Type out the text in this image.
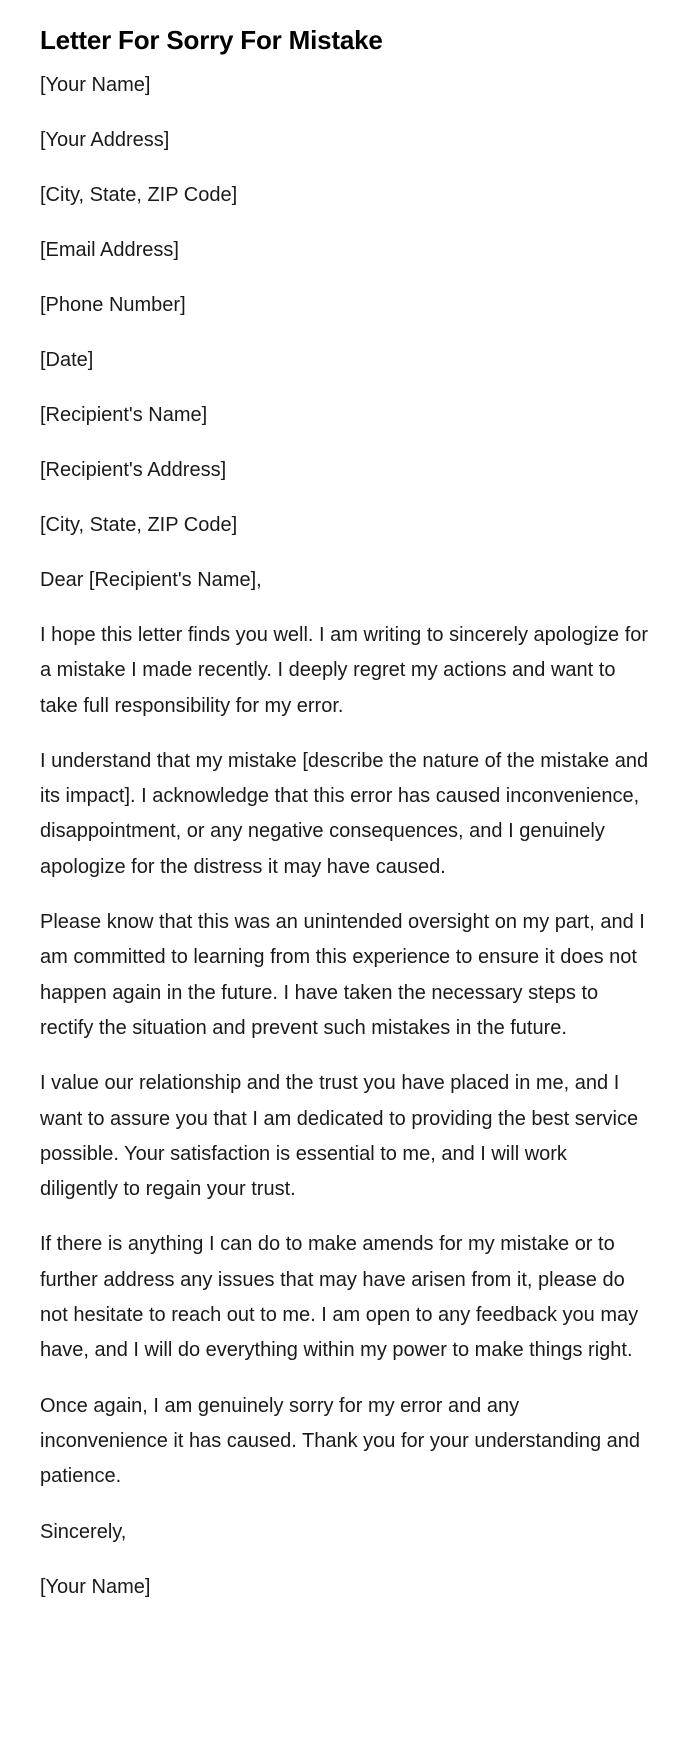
Letter For Sorry For Mistake
[Your Name]
[Your Address]
[City, State, ZIP Code]
[Email Address]
[Phone Number]
[Date]
[Recipient's Name]
[Recipient's Address]
[City, State, ZIP Code]
Dear [Recipient's Name],

I hope this letter finds you well. I am writing to sincerely apologize for a mistake I made recently. I deeply regret my actions and want to take full responsibility for my error.

I understand that my mistake [describe the nature of the mistake and its impact]. I acknowledge that this error has caused inconvenience, disappointment, or any negative consequences, and I genuinely apologize for the distress it may have caused.

Please know that this was an unintended oversight on my part, and I am committed to learning from this experience to ensure it does not happen again in the future. I have taken the necessary steps to rectify the situation and prevent such mistakes in the future.

I value our relationship and the trust you have placed in me, and I want to assure you that I am dedicated to providing the best service possible. Your satisfaction is essential to me, and I will work diligently to regain your trust.

If there is anything I can do to make amends for my mistake or to further address any issues that may have arisen from it, please do not hesitate to reach out to me. I am open to any feedback you may have, and I will do everything within my power to make things right.

Once again, I am genuinely sorry for my error and any inconvenience it has caused. Thank you for your understanding and patience.

Sincerely,
[Your Name]
